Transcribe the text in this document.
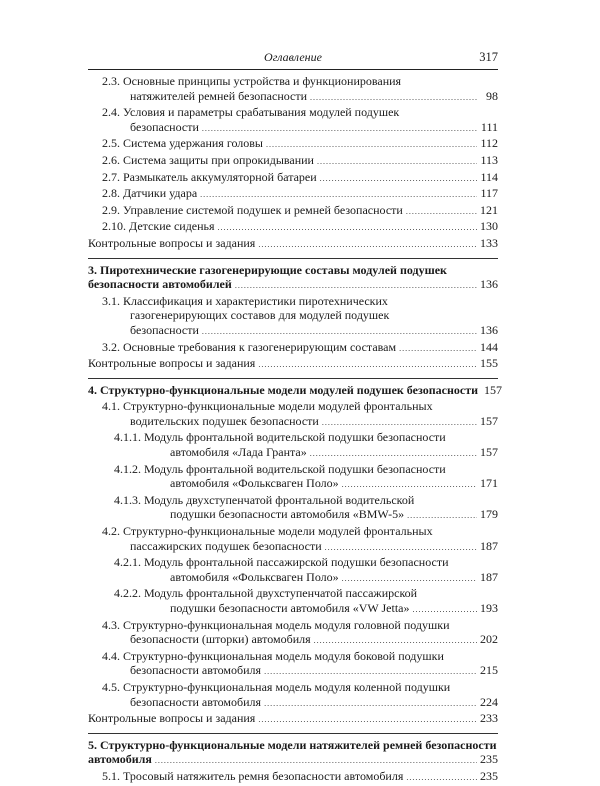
Оглавление	317
2.3. Основные принципы устройства и функционирования
натяжителей ремней безопасности . . .	98
2.4. Условия и параметры срабатывания модулей подушек
безопасности . . .	111
2.5. Система удержания головы . . .	112
2.6. Система защиты при опрокидывании . . .	113
2.7. Размыкатель аккумуляторной батареи . . .	114
2.8. Датчики удара . . .	117
2.9. Управление системой подушек и ремней безопасности . . .	121
2.10. Детские сиденья . . .	130
Контрольные вопросы и задания . . .	133
3. Пиротехнические газогенерирующие составы модулей подушек
безопасности автомобилей . . .	136
3.1. Классификация и характеристики пиротехнических
газогенерирующих составов для модулей подушек
безопасности . . .	136
3.2. Основные требования к газогенерирующим составам . . .	144
Контрольные вопросы и задания . . .	155
4. Структурно-функциональные модели модулей подушек безопасности 157
4.1. Структурно-функциональные модели модулей фронтальных
водительских подушек безопасности . . .	157
4.1.1. Модуль фронтальной водительской подушки безопасности
автомобиля «Лада Гранта» . . .	157
4.1.2. Модуль фронтальной водительской подушки безопасности
автомобиля «Фольксваген Поло» . . .	171
4.1.3. Модуль двухступенчатой фронтальной водительской
подушки безопасности автомобиля «BMW-5» . . .	179
4.2. Структурно-функциональные модели модулей фронтальных
пассажирских подушек безопасности . . .	187
4.2.1. Модуль фронтальной пассажирской подушки безопасности
автомобиля «Фольксваген Поло» . . .	187
4.2.2. Модуль фронтальной двухступенчатой пассажирской
подушки безопасности автомобиля «VW Jetta» . . .	193
4.3. Структурно-функциональная модель модуля головной подушки
безопасности (шторки) автомобиля . . .	202
4.4. Структурно-функциональная модель модуля боковой подушки
безопасности автомобиля . . .	215
4.5. Структурно-функциональная модель модуля коленной подушки
безопасности автомобиля . . .	224
Контрольные вопросы и задания . . .	233
5. Структурно-функциональные модели натяжителей ремней безопасности
автомобиля . . .	235
5.1. Тросовый натяжитель ремня безопасности автомобиля . . .	235
